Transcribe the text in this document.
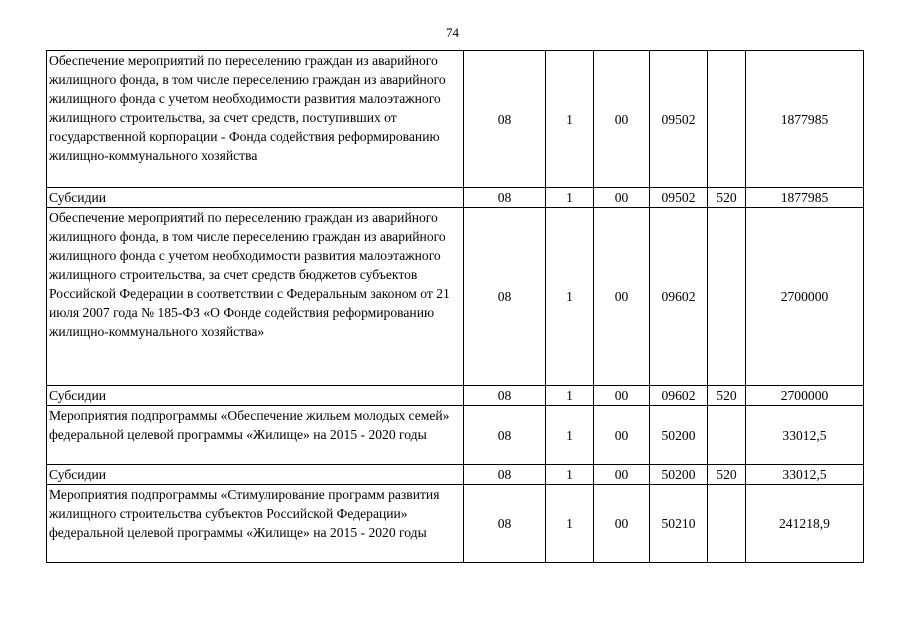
74
Обеспечение мероприятий по переселению граждан из аварийного жилищного фонда, в том числе переселению граждан из аварийного жилищного фонда с учетом необходимости развития малоэтажного жилищного строительства, за счет средств, поступивших от государственной корпорации - Фонда содействия реформированию жилищно-коммунального хозяйства	08	1	00	09502		1877985
Субсидии	08	1	00	09502	520	1877985
Обеспечение мероприятий по переселению граждан из аварийного жилищного фонда, в том числе переселению граждан из аварийного жилищного фонда с учетом необходимости развития малоэтажного жилищного строительства, за счет средств бюджетов субъектов Российской Федерации в соответствии с Федеральным законом от 21 июля 2007 года № 185-ФЗ «О Фонде содействия реформированию жилищно-коммунального хозяйства»	08	1	00	09602		2700000
Субсидии	08	1	00	09602	520	2700000
Мероприятия подпрограммы «Обеспечение жильем молодых семей» федеральной целевой программы «Жилище» на 2015 - 2020 годы	08	1	00	50200		33012,5
Субсидии	08	1	00	50200	520	33012,5
Мероприятия подпрограммы «Стимулирование программ развития жилищного строительства субъектов Российской Федерации» федеральной целевой программы «Жилище» на 2015 - 2020 годы	08	1	00	50210		241218,9
